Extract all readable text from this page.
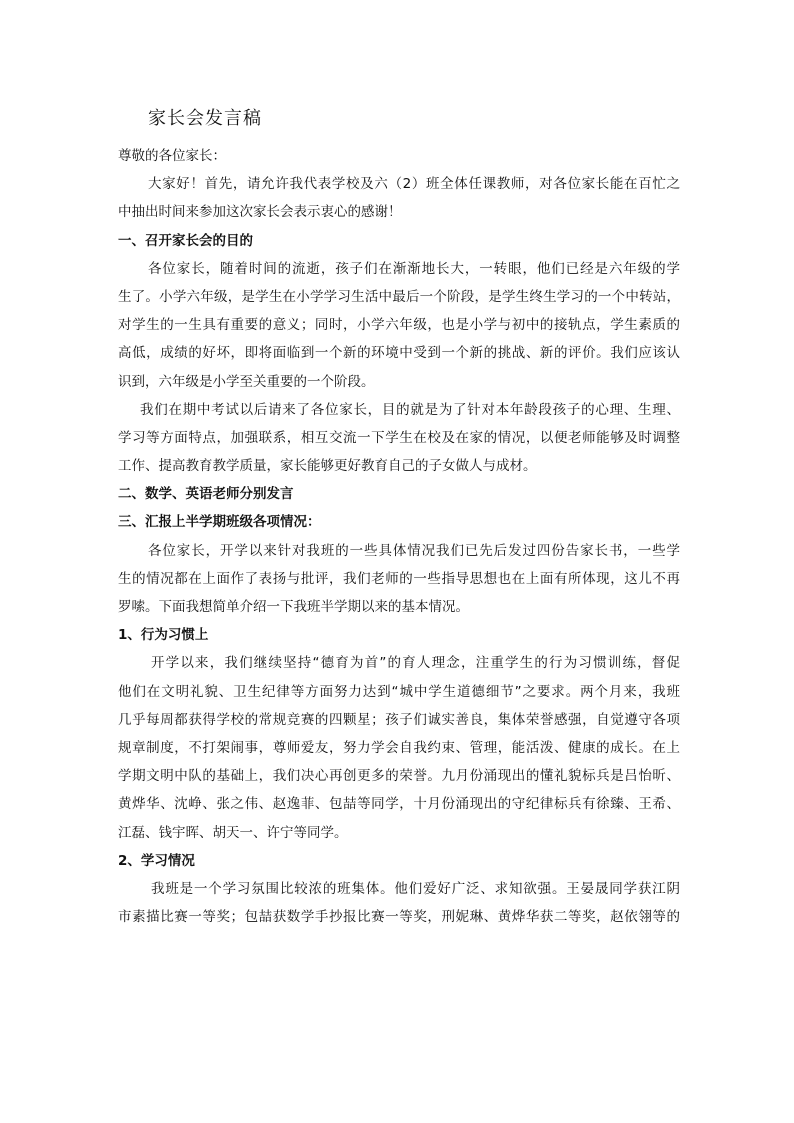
家长会发言稿
尊敬的各位家长：
大家好！首先，请允许我代表学校及六（2）班全体任课教师，对各位家长能在百忙之
中抽出时间来参加这次家长会表示衷心的感谢！
一、召开家长会的目的
各位家长，随着时间的流逝，孩子们在渐渐地长大，一转眼，他们已经是六年级的学
生了。小学六年级，是学生在小学学习生活中最后一个阶段，是学生终生学习的一个中转站，
对学生的一生具有重要的意义；同时，小学六年级，也是小学与初中的接轨点，学生素质的
高低，成绩的好坏，即将面临到一个新的环境中受到一个新的挑战、新的评价。我们应该认
识到，六年级是小学至关重要的一个阶段。
我们在期中考试以后请来了各位家长，目的就是为了针对本年龄段孩子的心理、生理、
学习等方面特点，加强联系，相互交流一下学生在校及在家的情况，以便老师能够及时调整
工作、提高教育教学质量，家长能够更好教育自己的子女做人与成材。
二、数学、英语老师分别发言
三、汇报上半学期班级各项情况：
各位家长，开学以来针对我班的一些具体情况我们已先后发过四份告家长书，一些学
生的情况都在上面作了表扬与批评，我们老师的一些指导思想也在上面有所体现，这儿不再
罗嗦。下面我想简单介绍一下我班半学期以来的基本情况。
1、行为习惯上
开学以来，我们继续坚持“德育为首”的育人理念，注重学生的行为习惯训练，督促
他们在文明礼貌、卫生纪律等方面努力达到“城中学生道德细节”之要求。两个月来，我班
几乎每周都获得学校的常规竞赛的四颗星；孩子们诚实善良，集体荣誉感强，自觉遵守各项
规章制度，不打架闹事，尊师爱友，努力学会自我约束、管理，能活泼、健康的成长。在上
学期文明中队的基础上，我们决心再创更多的荣誉。九月份涌现出的懂礼貌标兵是吕怡昕、
黄烨华、沈峥、张之伟、赵逸菲、包喆等同学，十月份涌现出的守纪律标兵有徐臻、王希、
江磊、钱宇晖、胡天一、许宁等同学。
2、学习情况
我班是一个学习氛围比较浓的班集体。他们爱好广泛、求知欲强。王晏晟同学获江阴
市素描比赛一等奖；包喆获数学手抄报比赛一等奖，刑妮琳、黄烨华获二等奖，赵依翎等的
